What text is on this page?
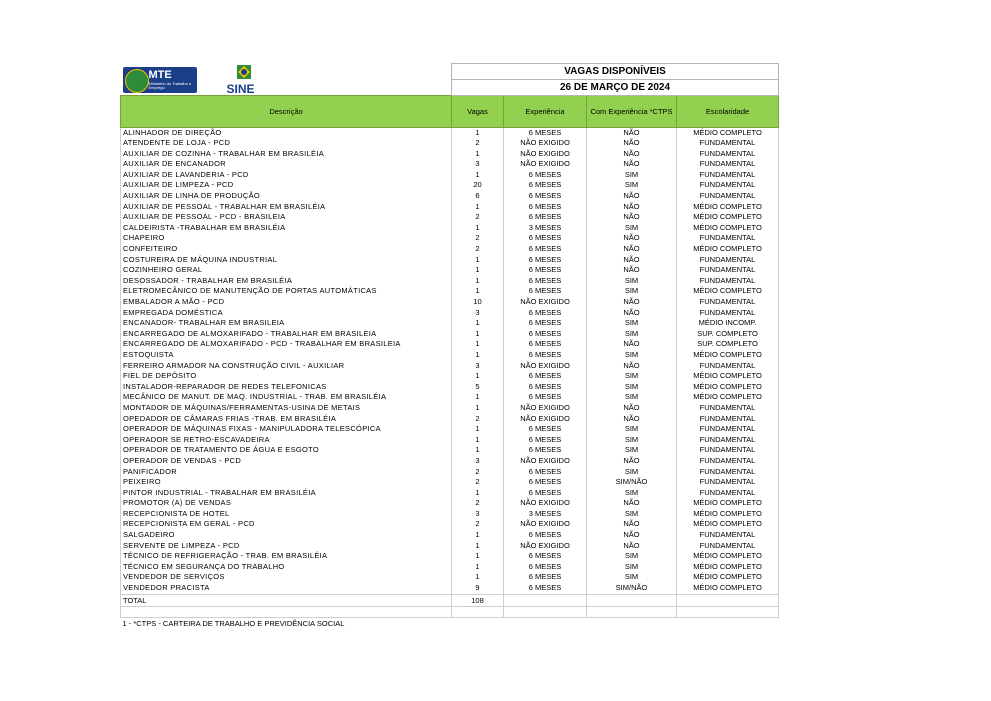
MTE
Ministério do Trabalho e Emprego SINE	VAGAS DISPONÍVEIS			
	26 DE MARÇO DE 2024			
Descrição	Vagas	Experiência	Com Experiência *CTPS	Escolaridade
ALINHADOR DE DIREÇÃO	1	6 MESES	NÃO	MÉDIO COMPLETO
ATENDENTE DE LOJA - PCD	2	NÃO EXIGIDO	NÃO	FUNDAMENTAL
AUXILIAR DE COZINHA - TRABALHAR EM BRASILÉIA	1	NÃO EXIGIDO	NÃO	FUNDAMENTAL
AUXILIAR DE ENCANADOR	3	NÃO EXIGIDO	NÃO	FUNDAMENTAL
AUXILIAR DE LAVANDERIA - PCD	1	6 MESES	SIM	FUNDAMENTAL
AUXILIAR DE LIMPEZA - PCD	20	6 MESES	SIM	FUNDAMENTAL
AUXILIAR DE LINHA DE PRODUÇÃO	6	6 MESES	NÃO	FUNDAMENTAL
AUXILIAR DE PESSOAL - TRABALHAR EM BRASILÉIA	1	6 MESES	NÃO	MÉDIO COMPLETO
AUXILIAR DE PESSOAL - PCD - BRASILEIA	2	6 MESES	NÃO	MÉDIO COMPLETO
CALDEIRISTA -TRABALHAR EM BRASILÉIA	1	3 MESES	SIM	MÉDIO COMPLETO
CHAPEIRO	2	6 MESES	NÃO	FUNDAMENTAL
CONFEITEIRO	2	6 MESES	NÃO	MÉDIO COMPLETO
COSTUREIRA DE MÁQUINA INDUSTRIAL	1	6 MESES	NÃO	FUNDAMENTAL
COZINHEIRO GERAL	1	6 MESES	NÃO	FUNDAMENTAL
DESOSSADOR - TRABALHAR EM BRASILÉIA	1	6 MESES	SIM	FUNDAMENTAL
ELETROMECÂNICO DE MANUTENÇÃO DE PORTAS AUTOMÁTICAS	1	6 MESES	SIM	MÉDIO COMPLETO
EMBALADOR A MÃO - PCD	10	NÃO EXIGIDO	NÃO	FUNDAMENTAL
EMPREGADA DOMÉSTICA	3	6 MESES	NÃO	FUNDAMENTAL
ENCANADOR- TRABALHAR EM BRASILEIA	1	6 MESES	SIM	MÉDIO INCOMP.
ENCARREGADO DE ALMOXARIFADO - TRABALHAR EM BRASILEIA	1	6 MESES	SIM	SUP. COMPLETO
ENCARREGADO DE ALMOXARIFADO - PCD - TRABALHAR EM BRASILEIA	1	6 MESES	NÃO	SUP. COMPLETO
ESTOQUISTA	1	6 MESES	SIM	MÉDIO COMPLETO
FERREIRO ARMADOR NA CONSTRUÇÃO CIVIL - AUXILIAR	3	NÃO EXIGIDO	NÃO	FUNDAMENTAL
FIEL DE DEPÓSITO	1	6 MESES	SIM	MÉDIO COMPLETO
INSTALADOR-REPARADOR DE REDES TELEFONICAS	5	6 MESES	SIM	MÉDIO COMPLETO
MECÂNICO DE MANUT. DE MAQ. INDUSTRIAL - TRAB. EM BRASILÉIA	1	6 MESES	SIM	MÉDIO COMPLETO
MONTADOR DE MÁQUINAS/FERRAMENTAS-USINA DE METAIS	1	NÃO EXIGIDO	NÃO	FUNDAMENTAL
OPEDADOR DE CÂMARAS FRIAS -TRAB. EM BRASILÉIA	2	NÃO EXIGIDO	NÃO	FUNDAMENTAL
OPERADOR DE MÁQUINAS FIXAS - MANIPULADORA TELESCÓPICA	1	6 MESES	SIM	FUNDAMENTAL
OPERADOR SE RETRO-ESCAVADEIRA	1	6 MESES	SIM	FUNDAMENTAL
OPERADOR DE TRATAMENTO DE ÁGUA E ESGOTO	1	6 MESES	SIM	FUNDAMENTAL
OPERADOR DE VENDAS - PCD	3	NÃO EXIGIDO	NÃO	FUNDAMENTAL
PANIFICADOR	2	6 MESES	SIM	FUNDAMENTAL
PEIXEIRO	2	6 MESES	SIM/NÃO	FUNDAMENTAL
PINTOR INDUSTRIAL - TRABALHAR EM BRASILÉIA	1	6 MESES	SIM	FUNDAMENTAL
PROMOTOR (A) DE VENDAS	2	NÃO EXIGIDO	NÃO	MÉDIO COMPLETO
RECEPCIONISTA DE HOTEL	3	3 MESES	SIM	MÉDIO COMPLETO
RECEPCIONISTA EM GERAL - PCD	2	NÃO EXIGIDO	NÃO	MÉDIO COMPLETO
SALGADEIRO	1	6 MESES	NÃO	FUNDAMENTAL
SERVENTE DE LIMPEZA - PCD	1	NÃO EXIGIDO	NÃO	FUNDAMENTAL
TÉCNICO DE REFRIGERAÇÃO - TRAB. EM BRASILÉIA	1	6 MESES	SIM	MÉDIO COMPLETO
TÉCNICO EM SEGURANÇA DO TRABALHO	1	6 MESES	SIM	MÉDIO COMPLETO
VENDEDOR DE SERVIÇOS	1	6 MESES	SIM	MÉDIO COMPLETO
VENDEDOR PRACISTA	9	6 MESES	SIM/NÃO	MÉDIO COMPLETO
TOTAL	108			

1 - *CTPS - CARTEIRA DE TRABALHO E PREVIDÊNCIA SOCIAL				
